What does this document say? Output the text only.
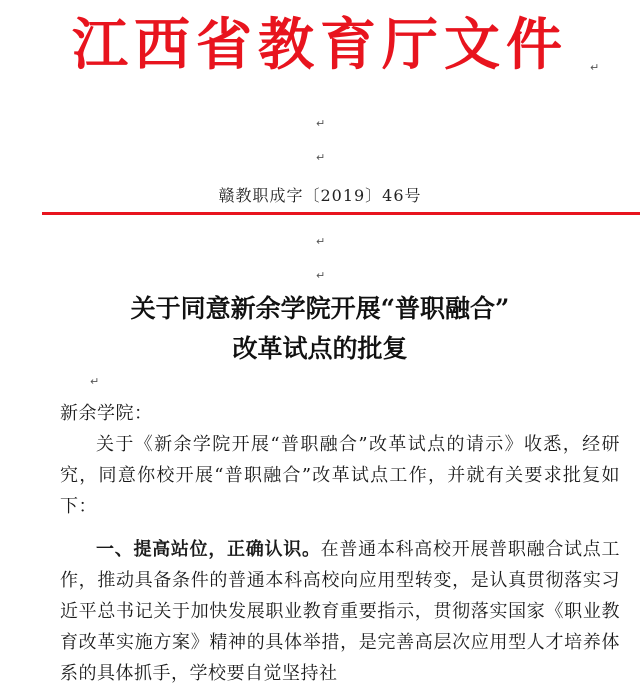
江西省教育厅文件	↵
↵
↵
赣教职成字〔2019〕46号
↵
↵
关于同意新余学院开展“普职融合”
改革试点的批复
↵
新余学院：
关于《新余学院开展“普职融合”改革试点的请示》收悉，经研究，同意你校开展“普职融合”改革试点工作，并就有关要求批复如下：
一、提高站位，正确认识。在普通本科高校开展普职融合试点工作，推动具备条件的普通本科高校向应用型转变，是认真贯彻落实习近平总书记关于加快发展职业教育重要指示，贯彻落实国家《职业教育改革实施方案》精神的具体举措，是完善高层次应用型人才培养体系的具体抓手，学校要自觉坚持社
